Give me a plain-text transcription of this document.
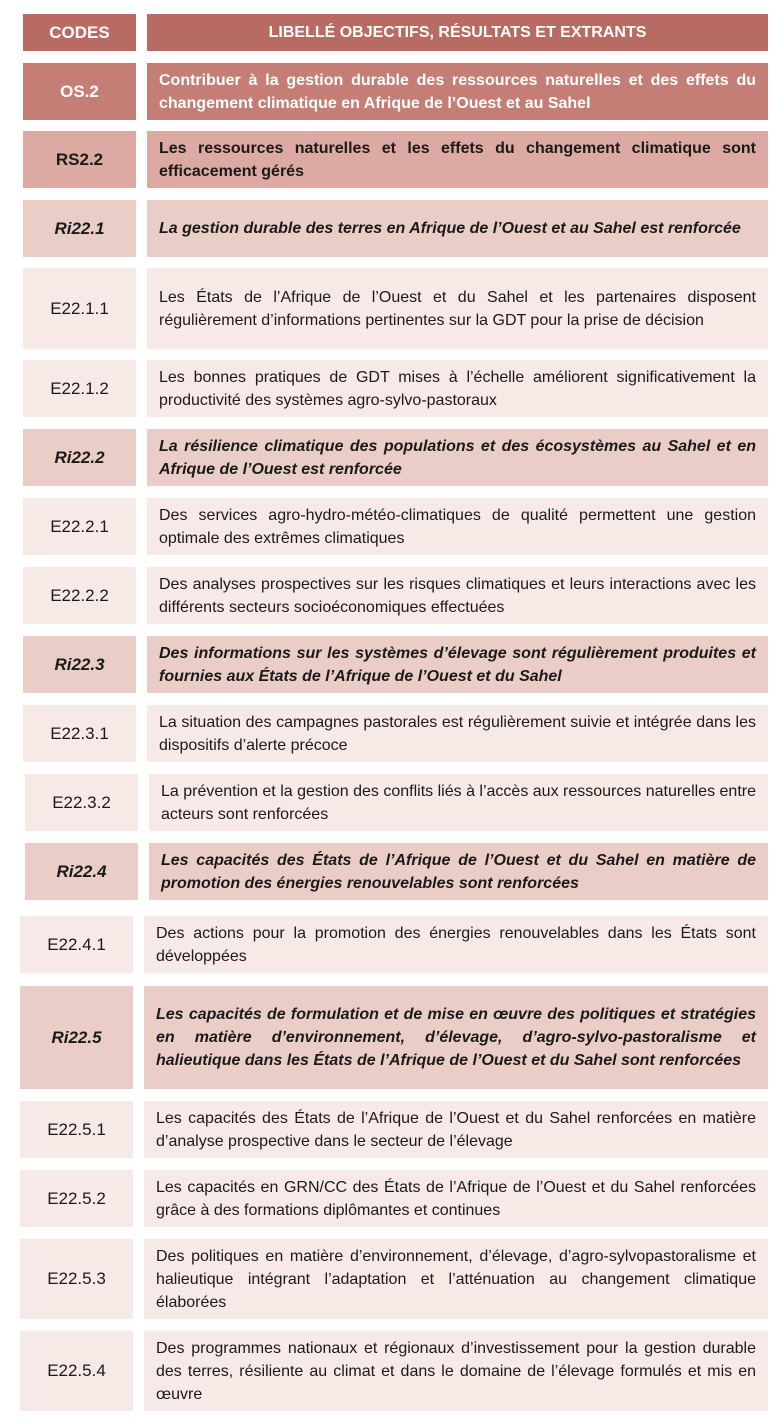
CODES	LIBELLÉ OBJECTIFS, RÉSULTATS ET EXTRANTS
OS.2
Contribuer à la gestion durable des ressources naturelles et des effets du changement climatique en Afrique de l’Ouest et au Sahel
RS2.2
Les ressources naturelles et les effets du changement climatique sont efficacement gérés
Ri22.1	La gestion durable des terres en Afrique de l’Ouest et au Sahel est renforcée
E22.1.1
Les États de l’Afrique de l’Ouest et du Sahel et les partenaires disposent régulièrement d’informations pertinentes sur la GDT pour la prise de décision
E22.1.2
Les bonnes pratiques de GDT mises à l’échelle améliorent significativement la productivité des systèmes agro-sylvo-pastoraux
Ri22.2
La résilience climatique des populations et des écosystèmes au Sahel et en Afrique de l’Ouest est renforcée
E22.2.1
Des services agro-hydro-météo-climatiques de qualité permettent une gestion optimale des extrêmes climatiques
E22.2.2
Des analyses prospectives sur les risques climatiques et leurs interactions avec les différents secteurs socioéconomiques effectuées
Ri22.3
Des informations sur les systèmes d’élevage sont régulièrement produites et fournies aux États de l’Afrique de l’Ouest et du Sahel
E22.3.1
La situation des campagnes pastorales est régulièrement suivie et intégrée dans les dispositifs d’alerte précoce
E22.3.2
La prévention et la gestion des conflits liés à l’accès aux ressources naturelles entre acteurs sont renforcées
Ri22.4
Les capacités des États de l’Afrique de l’Ouest et du Sahel en matière de promotion des énergies renouvelables sont renforcées
E22.4.1
Des actions pour la promotion des énergies renouvelables dans les États sont développées
Ri22.5
Les capacités de formulation et de mise en œuvre des politiques et stratégies en matière d’environnement, d’élevage, d’agro-sylvo-pastoralisme et halieutique dans les États de l’Afrique de l’Ouest et du Sahel sont renforcées
E22.5.1
Les capacités des États de l’Afrique de l’Ouest et du Sahel renforcées en matière d’analyse prospective dans le secteur de l’élevage
E22.5.2
Les capacités en GRN/CC des États de l’Afrique de l’Ouest et du Sahel renforcées grâce à des formations diplômantes et continues
E22.5.3
Des politiques en matière d’environnement, d’élevage, d’agro-sylvopastoralisme et halieutique intégrant l’adaptation et l’atténuation au changement climatique élaborées
E22.5.4
Des programmes nationaux et régionaux d’investissement pour la gestion durable des terres, résiliente au climat et dans le domaine de l’élevage formulés et mis en œuvre
